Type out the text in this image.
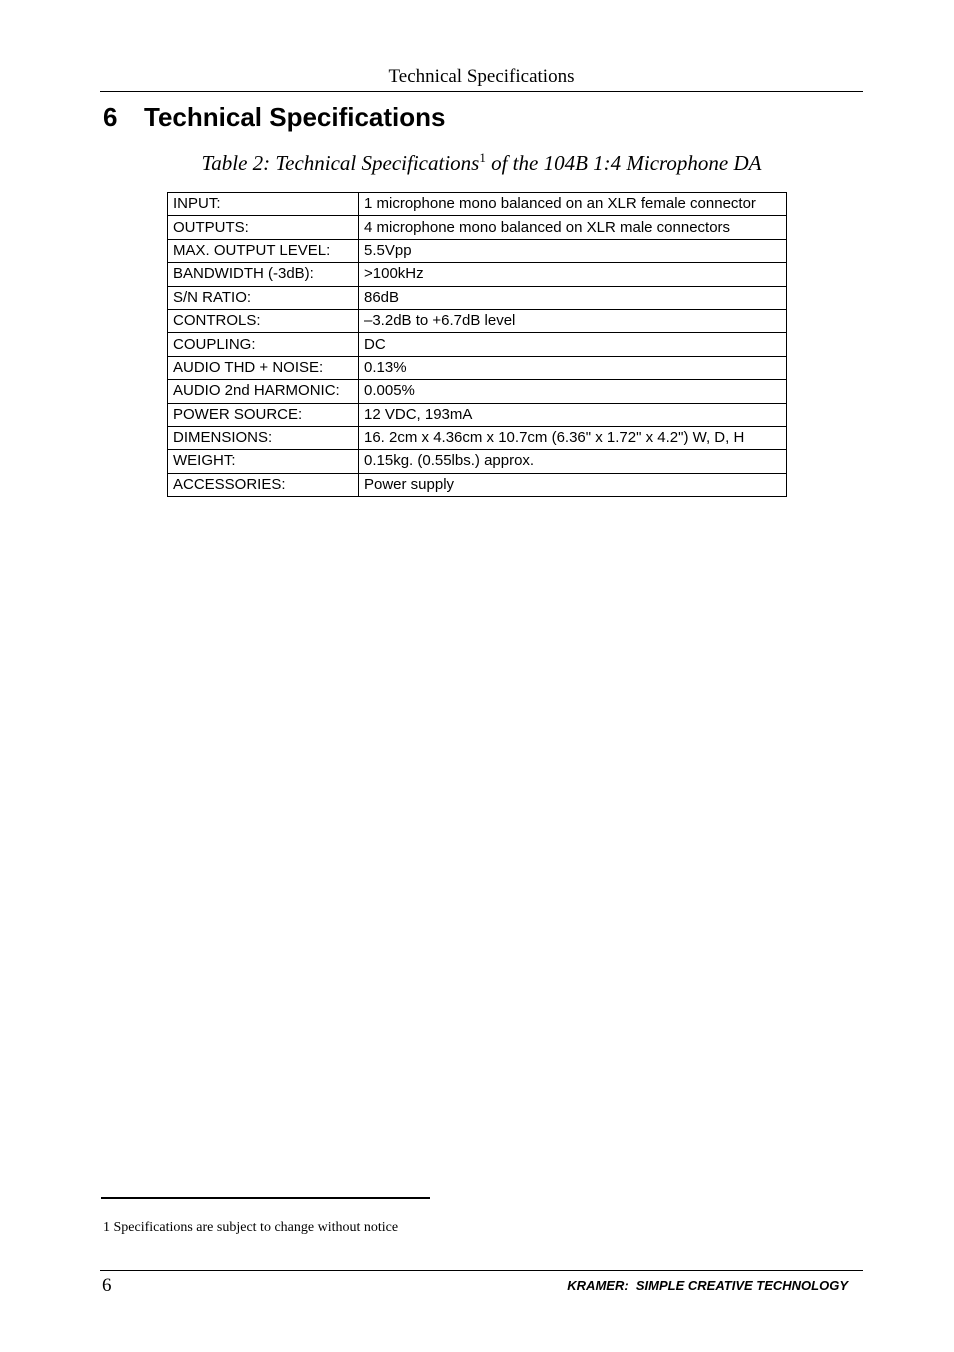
Technical Specifications
6 Technical Specifications
Table 2: Technical Specifications$^1$ of the 104B 1:4 Microphone DA
INPUT:	1 microphone mono balanced on an XLR female connector
OUTPUTS:	4 microphone mono balanced on XLR male connectors
MAX. OUTPUT LEVEL:	5.5Vpp
BANDWIDTH (-3dB):	>100kHz
S/N RATIO:	86dB
CONTROLS:	–3.2dB to +6.7dB level
COUPLING:	DC
AUDIO THD + NOISE:	0.13%
AUDIO 2nd HARMONIC:	0.005%
POWER SOURCE:	12 VDC, 193mA
DIMENSIONS:	16. 2cm x 4.36cm x 10.7cm (6.36" x 1.72" x 4.2") W, D, H
WEIGHT:	0.15kg. (0.55lbs.) approx.
ACCESSORIES:	Power supply
1 Specifications are subject to change without notice
6	KRAMER:  SIMPLE CREATIVE TECHNOLOGY
